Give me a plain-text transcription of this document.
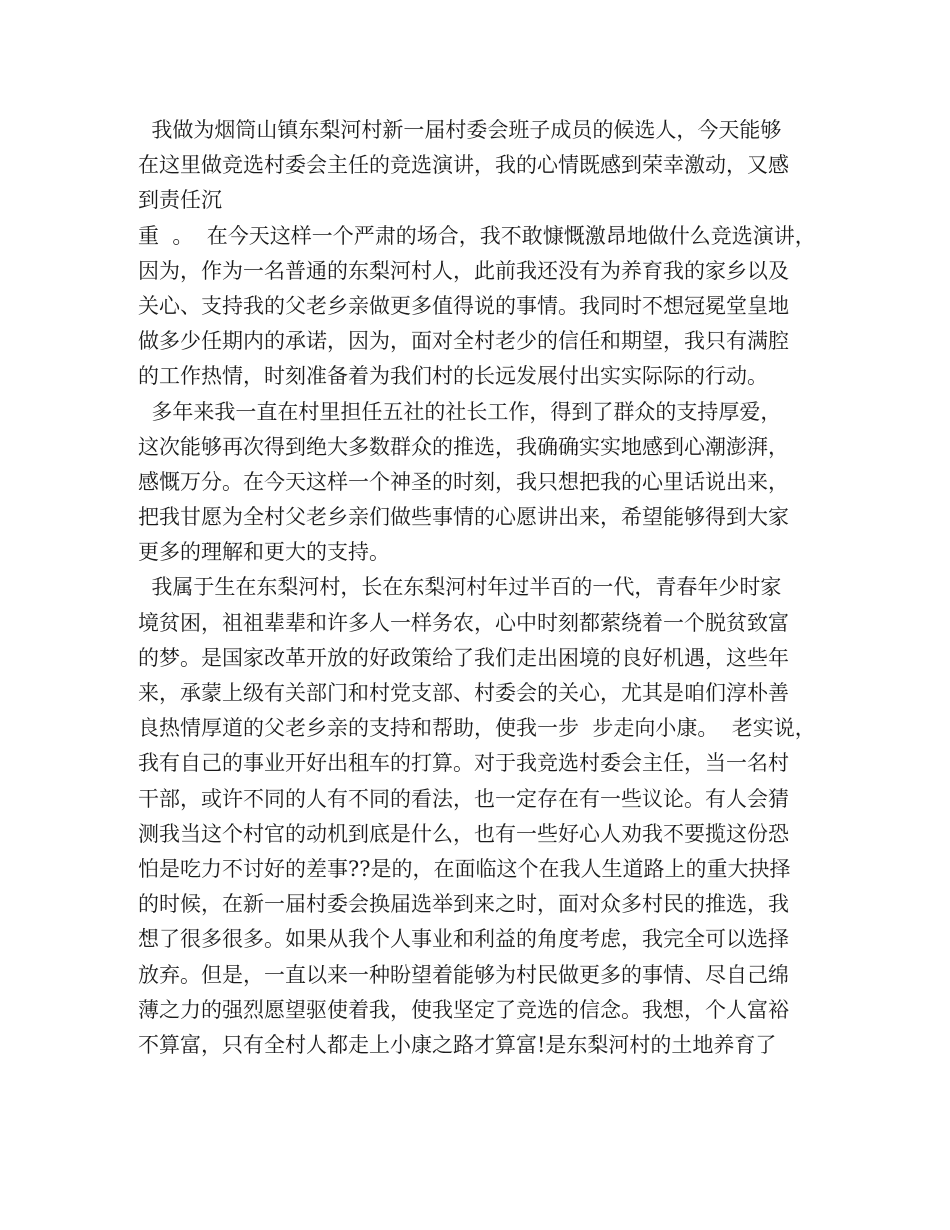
我做为烟筒山镇东梨河村新一届村委会班子成员的候选人，今天能够
在这里做竞选村委会主任的竞选演讲，我的心情既感到荣幸激动，又感
到责任沉
重  。  在今天这样一个严肃的场合，我不敢慷慨激昂地做什么竞选演讲，
因为，作为一名普通的东梨河村人，此前我还没有为养育我的家乡以及
关心、支持我的父老乡亲做更多值得说的事情。我同时不想冠冕堂皇地
做多少任期内的承诺，因为，面对全村老少的信任和期望，我只有满腔
的工作热情，时刻准备着为我们村的长远发展付出实实际际的行动。
多年来我一直在村里担任五社的社长工作，得到了群众的支持厚爱，
这次能够再次得到绝大多数群众的推选，我确确实实地感到心潮澎湃，
感慨万分。在今天这样一个神圣的时刻，我只想把我的心里话说出来，
把我甘愿为全村父老乡亲们做些事情的心愿讲出来，希望能够得到大家
更多的理解和更大的支持。
我属于生在东梨河村，长在东梨河村年过半百的一代，青春年少时家
境贫困，祖祖辈辈和许多人一样务农，心中时刻都萦绕着一个脱贫致富
的梦。是国家改革开放的好政策给了我们走出困境的良好机遇，这些年
来，承蒙上级有关部门和村党支部、村委会的关心，尤其是咱们淳朴善
良热情厚道的父老乡亲的支持和帮助，使我一步  步走向小康。  老实说，
我有自己的事业开好出租车的打算。对于我竞选村委会主任，当一名村
干部，或许不同的人有不同的看法，也一定存在有一些议论。有人会猜
测我当这个村官的动机到底是什么，也有一些好心人劝我不要揽这份恐
怕是吃力不讨好的差事??是的，在面临这个在我人生道路上的重大抉择
的时候，在新一届村委会换届选举到来之时，面对众多村民的推选，我
想了很多很多。如果从我个人事业和利益的角度考虑，我完全可以选择
放弃。但是，一直以来一种盼望着能够为村民做更多的事情、尽自己绵
薄之力的强烈愿望驱使着我，使我坚定了竞选的信念。我想，个人富裕
不算富，只有全村人都走上小康之路才算富!是东梨河村的土地养育了
